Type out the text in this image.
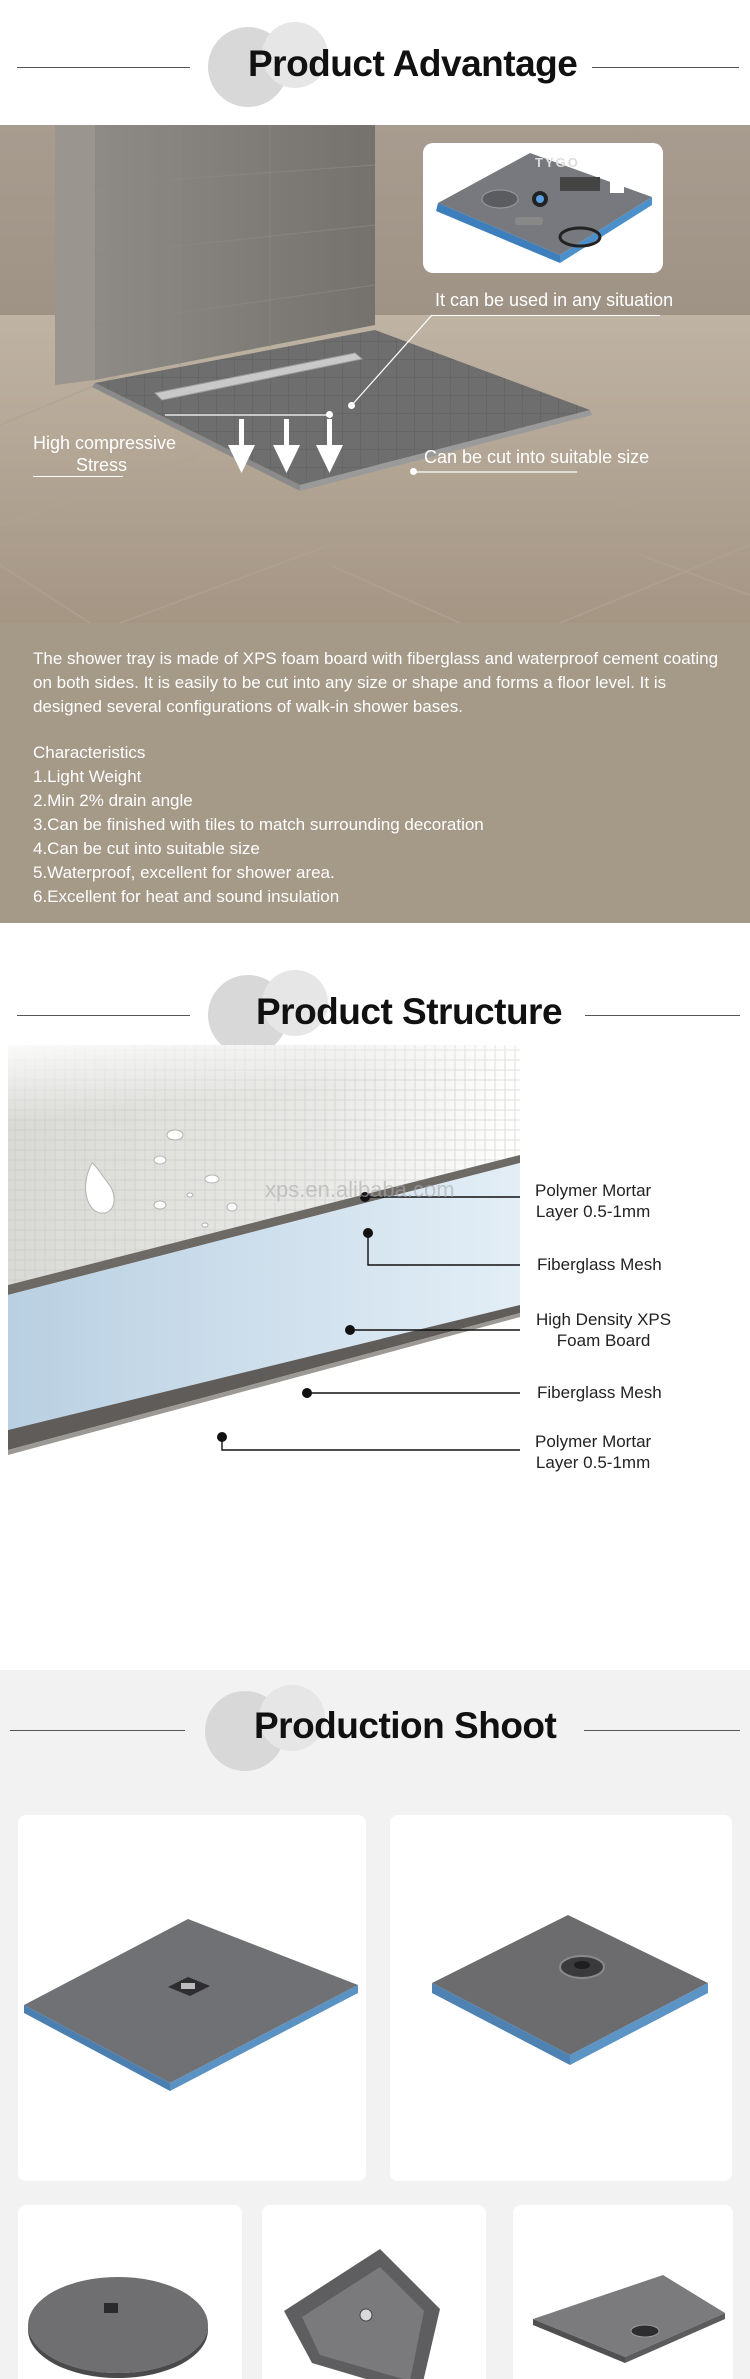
Product Advantage
TYGO
It can be used in any situation
High compressive
Stress	Can be cut into suitable size

The shower tray is made of XPS foam board with fiberglass and waterproof cement coating on both sides. It is easily to be cut into any size or shape and forms a floor level. It is designed several configurations of walk-in shower bases.

Characteristics

1.Light Weight

2.Min 2% drain angle

3.Can be finished with tiles to match surrounding decoration

4.Can be cut into suitable size

5.Waterproof, excellent for shower area.

6.Excellent for heat and sound insulation

Product Structure
xps.en.alibaba.com	Polymer Mortar
Layer 0.5-1mm
Fiberglass Mesh
High Density XPS
Foam Board
Fiberglass Mesh
Polymer Mortar
Layer 0.5-1mm
Production Shoot
